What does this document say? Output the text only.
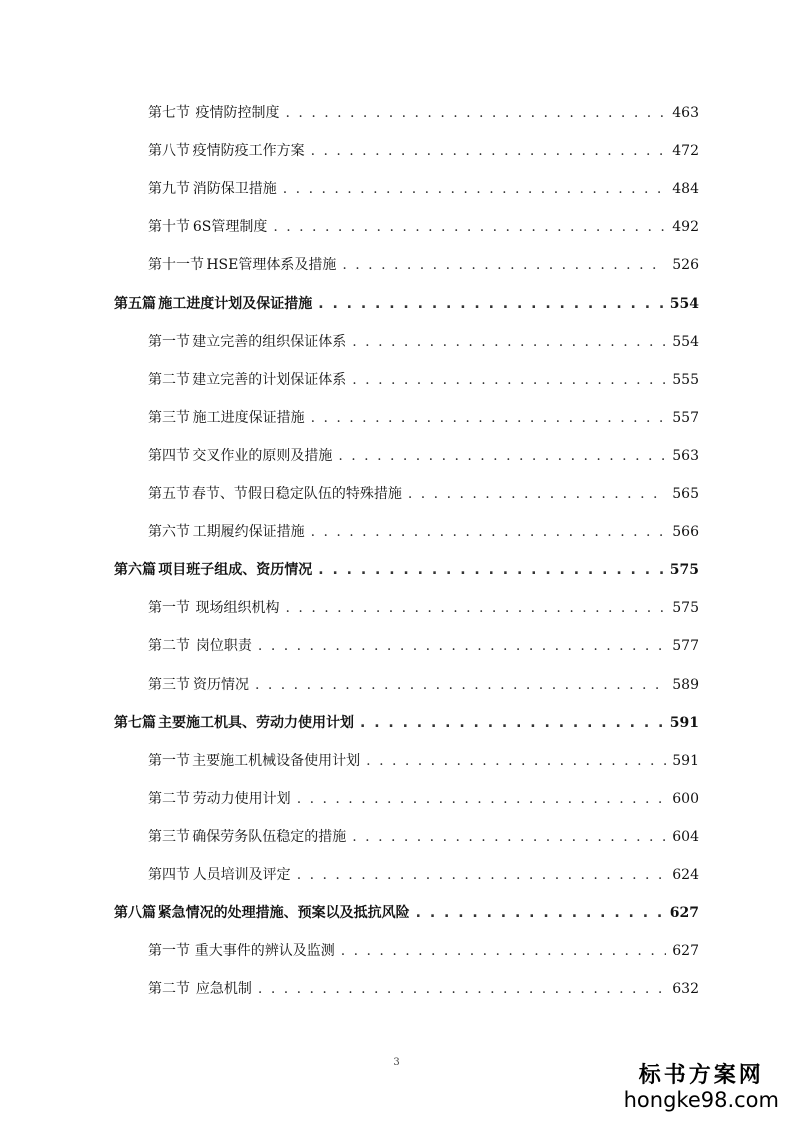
第七节 疫情防控制度 . . .	463
第八节 疫情防疫工作方案 . . .	472
第九节 消防保卫措施 . . .	484
第十节 6S管理制度 . . .	492
第十一节 HSE管理体系及措施 . . .	526
第五篇 施工进度计划及保证措施 . . .	554
第一节 建立完善的组织保证体系 . . .	554
第二节 建立完善的计划保证体系 . . .	555
第三节 施工进度保证措施 . . .	557
第四节 交叉作业的原则及措施 . . .	563
第五节 春节、节假日稳定队伍的特殊措施 . . .	565
第六节 工期履约保证措施 . . .	566
第六篇 项目班子组成、资历情况 . . .	575
第一节 现场组织机构 . . .	575
第二节 岗位职责 . . .	577
第三节 资历情况 . . .	589
第七篇 主要施工机具、劳动力使用计划 . . .	591
第一节 主要施工机械设备使用计划 . . .	591
第二节 劳动力使用计划 . . .	600
第三节 确保劳务队伍稳定的措施 . . .	604
第四节 人员培训及评定 . . .	624
第八篇 紧急情况的处理措施、预案以及抵抗风险 . . .	627
第一节 重大事件的辨认及监测 . . .	627
第二节 应急机制 . . .	632
3	标书方案网
hongke98.com
